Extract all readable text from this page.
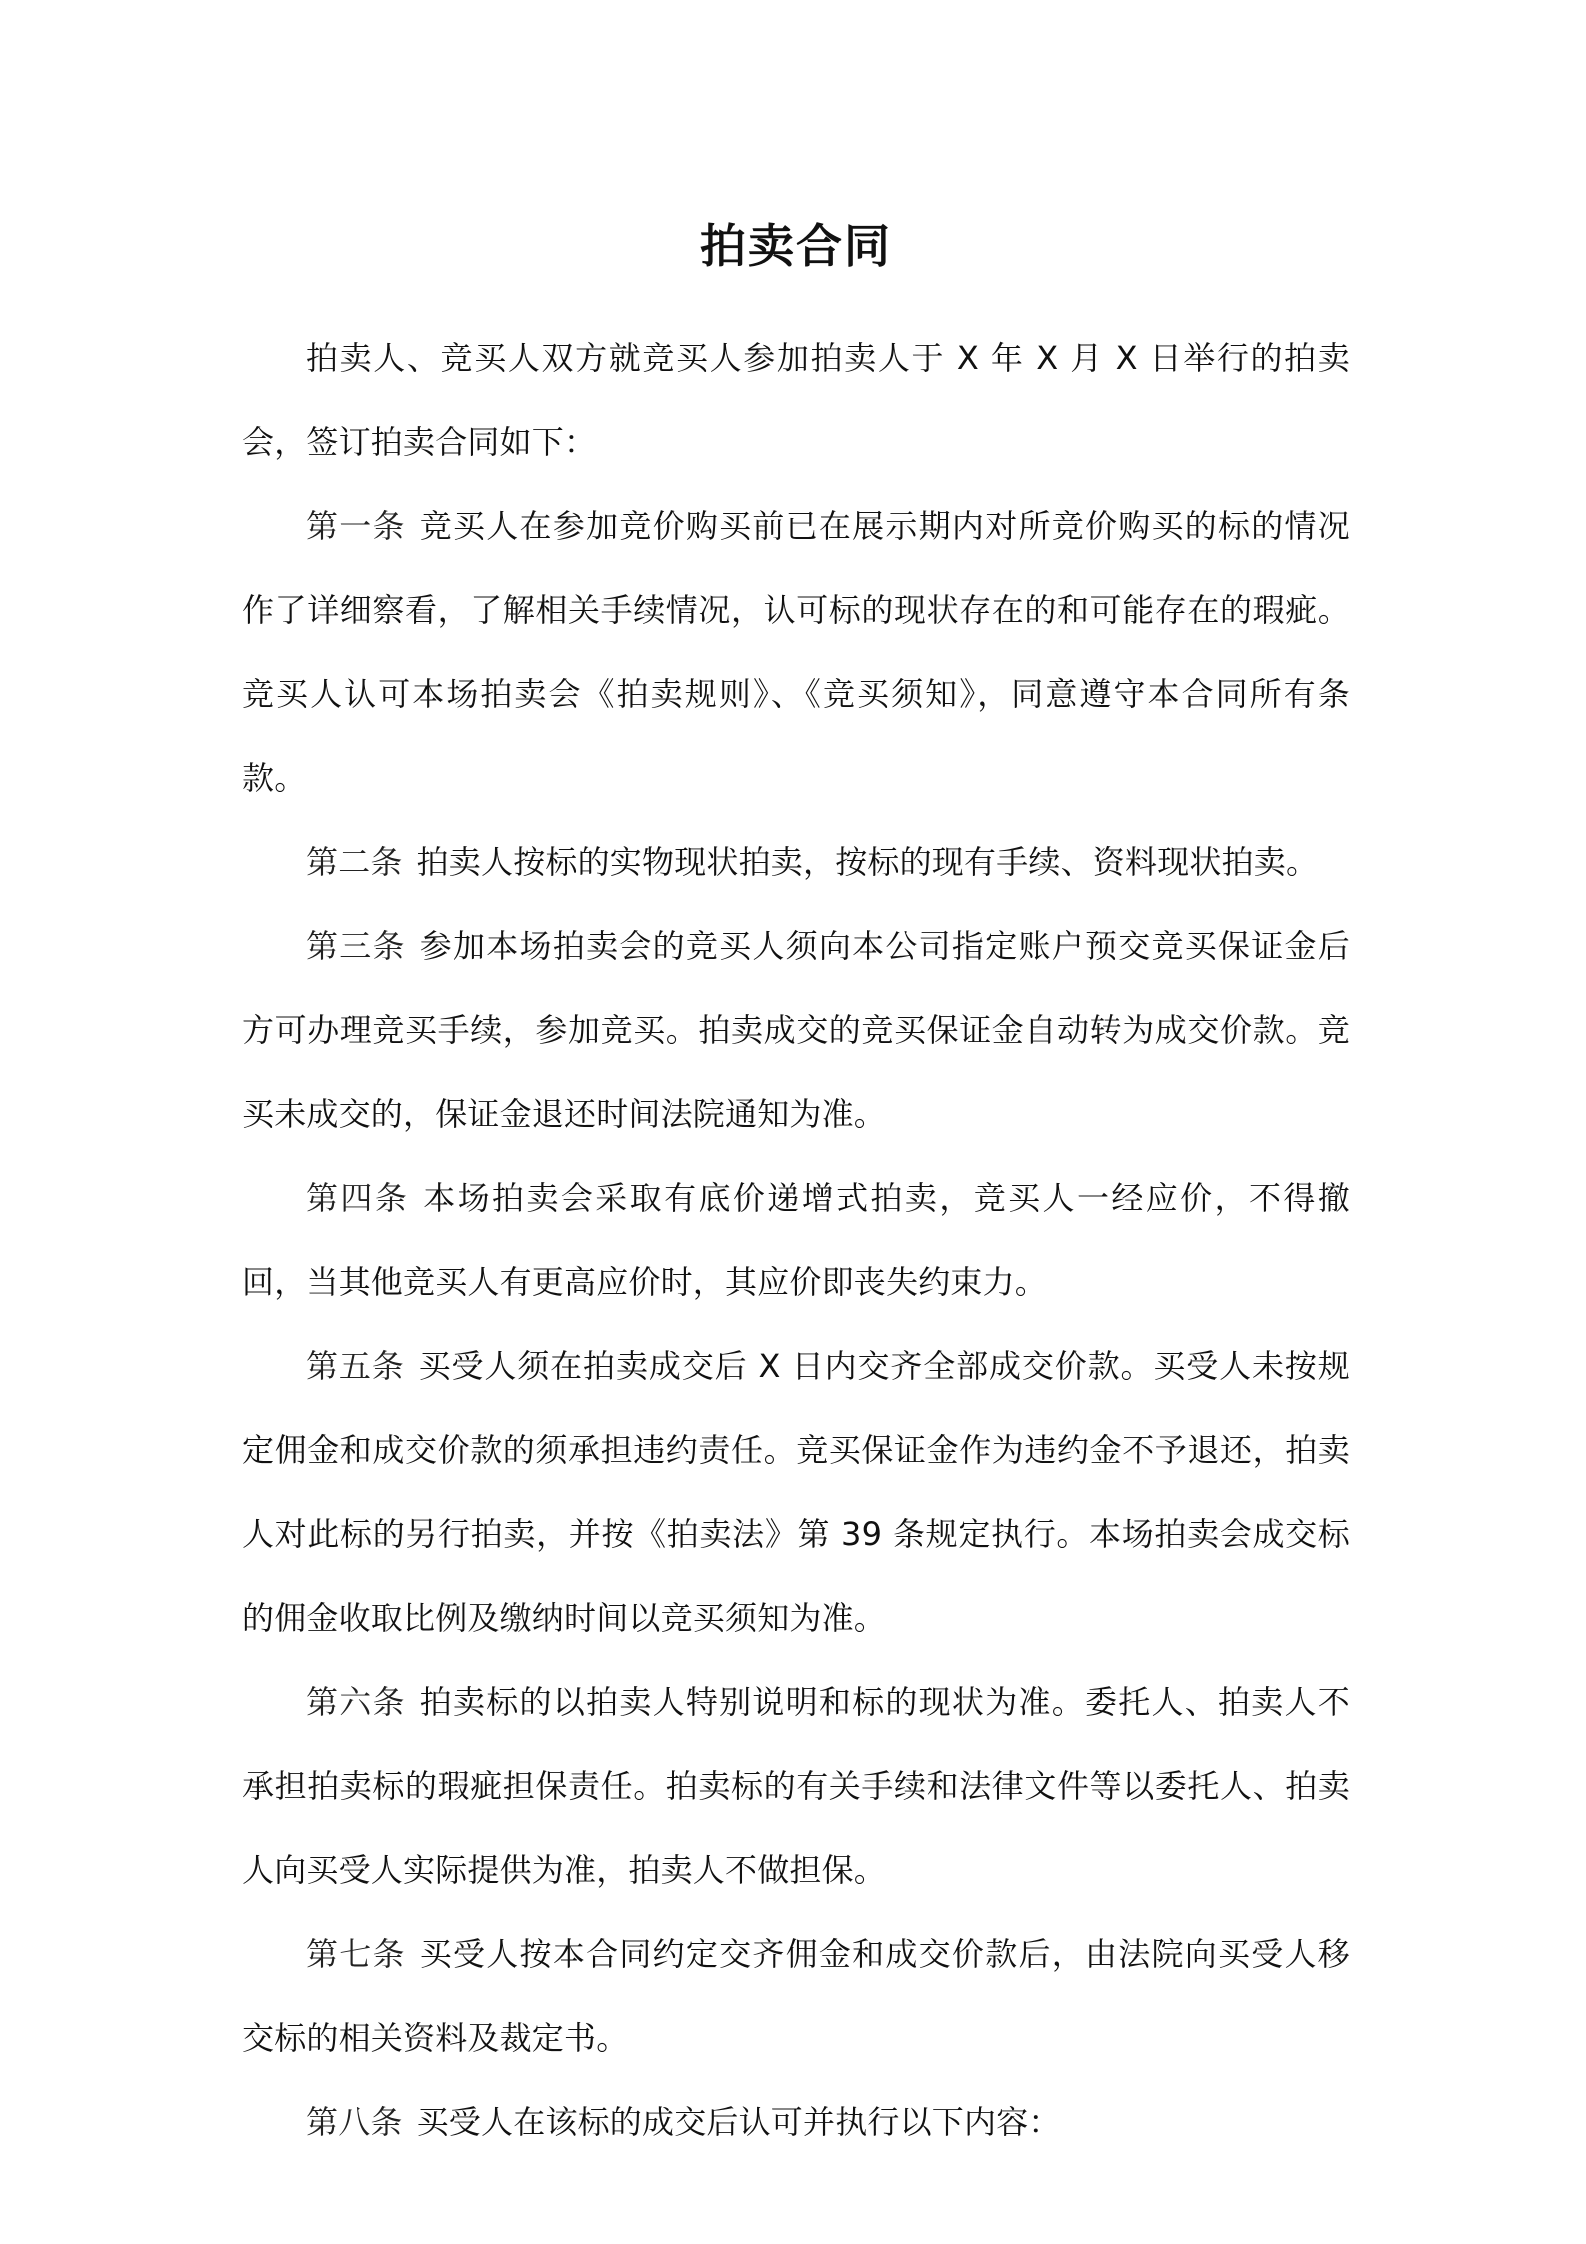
拍卖合同

拍卖人、竞买人双方就竞买人参加拍卖人于 X 年 X 月 X 日举行的拍卖会，签订拍卖合同如下：

第一条 竞买人在参加竞价购买前已在展示期内对所竞价购买的标的情况作了详细察看，了解相关手续情况，认可标的现状存在的和可能存在的瑕疵。竞买人认可本场拍卖会《拍卖规则》、《竞买须知》，同意遵守本合同所有条款。

第二条 拍卖人按标的实物现状拍卖，按标的现有手续、资料现状拍卖。

第三条 参加本场拍卖会的竞买人须向本公司指定账户预交竞买保证金后方可办理竞买手续，参加竞买。拍卖成交的竞买保证金自动转为成交价款。竞买未成交的，保证金退还时间法院通知为准。

第四条 本场拍卖会采取有底价递增式拍卖，竞买人一经应价，不得撤回，当其他竞买人有更高应价时，其应价即丧失约束力。

第五条 买受人须在拍卖成交后 X 日内交齐全部成交价款。买受人未按规定佣金和成交价款的须承担违约责任。竞买保证金作为违约金不予退还，拍卖人对此标的另行拍卖，并按《拍卖法》第 39 条规定执行。本场拍卖会成交标的佣金收取比例及缴纳时间以竞买须知为准。

第六条 拍卖标的以拍卖人特别说明和标的现状为准。委托人、拍卖人不承担拍卖标的瑕疵担保责任。拍卖标的有关手续和法律文件等以委托人、拍卖人向买受人实际提供为准，拍卖人不做担保。

第七条 买受人按本合同约定交齐佣金和成交价款后，由法院向买受人移交标的相关资料及裁定书。

第八条 买受人在该标的成交后认可并执行以下内容：
